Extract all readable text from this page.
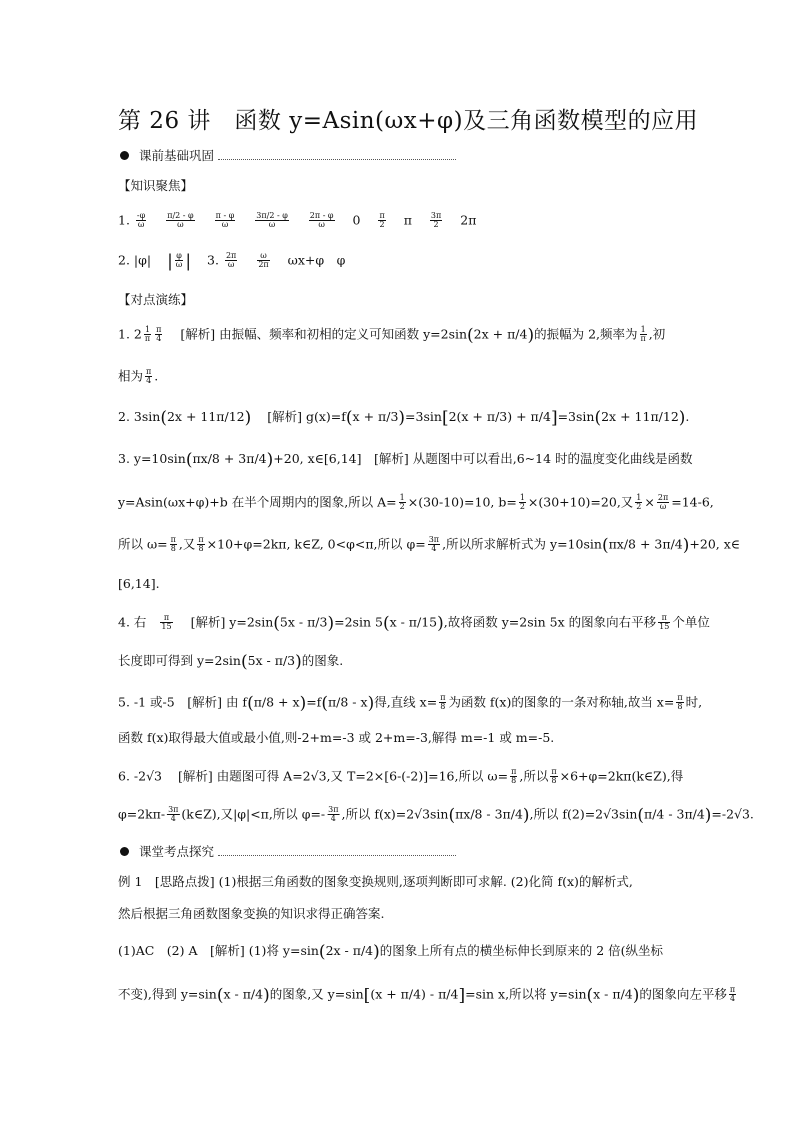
第 26 讲　函数 y=Asin(ωx+φ)及三角函数模型的应用
课前基础巩固
【知识聚焦】
1. $\frac{-\varphi}{\omega}$
$\frac{\pi/2 - \varphi}{\omega}$
$\frac{\pi - \varphi}{\omega}$
$\frac{3\pi/2 - \varphi}{\omega}$
$\frac{2\pi - \varphi}{\omega} 0 \frac{\pi}{2}$ π $\frac{3\pi}{2} 2\pi$
2. |φ| | $\frac{\varphi}{\omega}$ | 3. $\frac{2\pi}{\omega}$
$\frac{\omega}{2\pi} \omega x+\varphi$　φ
【对点演练】
1. $2 \frac{1}{\pi} \frac{\pi}{4}$ [解析] 由振幅、频率和初相的定义可知函数 y=2sin(2x + π/4)的振幅为 2,频率为 $\frac{1}{\pi}$ ,初
相为 $\frac{\pi}{4}$ .
2. 3sin(2x + 11π/12) [解析] g(x)=f(x + π/3)=3sin[2(x + π/3) + π/4]=3sin(2x + 11π/12).
3. y=10sin(πx/8 + 3π/4)+20, x∈[6,14]　[解析] 从题图中可以看出,6~14 时的温度变化曲线是函数
y=Asin(ωx+φ)+b 在半个周期内的图象,所以 $A= \frac{1}{2} \times(30-10)=10$, $b= \frac{1}{2} \times(30+10)=20$,又 $\frac{1}{2} \times \frac{2\pi}{\omega} =14-6$,
所以 $\omega= \frac{\pi}{8}$ ,又 $\frac{\pi}{8} \times 10+\varphi=2k\pi$, k∈Z, 0<φ<π,所以 $\varphi= \frac{3\pi}{4}$ ,所以所求解析式为 y=10sin(πx/8 + 3π/4)+20, x∈
[6,14].
4. 右 $\frac{\pi}{15}$ [解析] y=2sin(5x - π/3)=2sin 5(x - π/15),故将函数 y=2sin 5x 的图象向右平移 $\frac{\pi}{15}$ 个单位
长度即可得到 y=2sin(5x - π/3)的图象.
5. -1 或-5　[解析] 由 f(π/8 + x)=f(π/8 - x)得,直线 $x= \frac{\pi}{8}$ 为函数 f(x)的图象的一条对称轴,故当 $x= \frac{\pi}{8}$ 时,
函数 f(x)取得最大值或最小值,则-2+m=-3 或 2+m=-3,解得 m=-1 或 m=-5.
6. -2√3 [解析] 由题图可得 A=2√3,又 T=2×[6-(-2)]=16,所以 $\omega= \frac{\pi}{8}$ ,所以 $\frac{\pi}{8}$ ×6+φ=2kπ(k∈Z),得
$\varphi=2k\pi- \frac{3\pi}{4}$ (k∈Z),又|φ|<π,所以 $\varphi=- \frac{3\pi}{4}$ ,所以 f(x)=2√3sin(πx/8 - 3π/4),所以 f(2)=2√3sin(π/4 - 3π/4)=-2√3.
课堂考点探究
例 1　[思路点拨] (1)根据三角函数的图象变换规则,逐项判断即可求解. (2)化简 f(x)的解析式,
然后根据三角函数图象变换的知识求得正确答案.
(1)AC　(2) A　[解析] (1)将 y=sin(2x - π/4)的图象上所有点的横坐标伸长到原来的 2 倍(纵坐标
不变),得到 y=sin(x - π/4)的图象,又 y=sin[(x + π/4) - π/4]=sin x,所以将 y=sin(x - π/4)的图象向左平移 $\frac{\pi}{4}$
